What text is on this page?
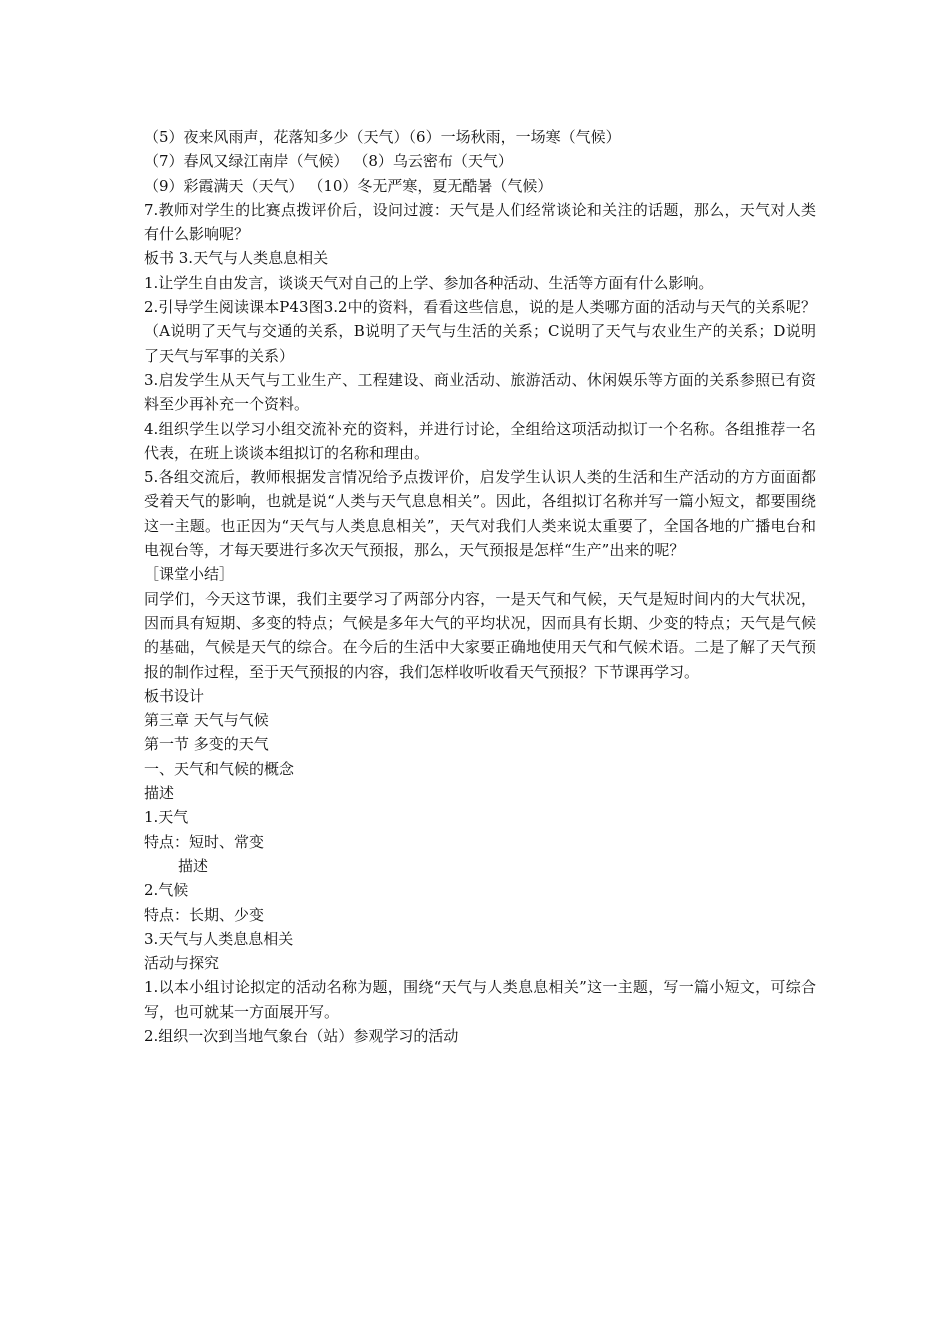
（5）夜来风雨声，花落知多少（天气）（6）一场秋雨，一场寒（气候）
（7）春风又绿江南岸（气候） （8）乌云密布（天气）
（9）彩霞满天（天气） （10）冬无严寒，夏无酷暑（气候）
7.教师对学生的比赛点拨评价后，设问过渡：天气是人们经常谈论和关注的话题，那么，天气对人类有什么影响呢？
板书 3.天气与人类息息相关
1.让学生自由发言，谈谈天气对自己的上学、参加各种活动、生活等方面有什么影响。
2.引导学生阅读课本P43图3.2中的资料，看看这些信息，说的是人类哪方面的活动与天气的关系呢？（A说明了天气与交通的关系，B说明了天气与生活的关系；C说明了天气与农业生产的关系；D说明了天气与军事的关系）
3.启发学生从天气与工业生产、工程建设、商业活动、旅游活动、休闲娱乐等方面的关系参照已有资料至少再补充一个资料。
4.组织学生以学习小组交流补充的资料，并进行讨论，全组给这项活动拟订一个名称。各组推荐一名代表，在班上谈谈本组拟订的名称和理由。
5.各组交流后，教师根据发言情况给予点拨评价，启发学生认识人类的生活和生产活动的方方面面都受着天气的影响，也就是说“人类与天气息息相关”。因此，各组拟订名称并写一篇小短文，都要围绕这一主题。也正因为“天气与人类息息相关”，天气对我们人类来说太重要了，全国各地的广播电台和电视台等，才每天要进行多次天气预报，那么，天气预报是怎样“生产”出来的呢？
［课堂小结］
同学们，今天这节课，我们主要学习了两部分内容，一是天气和气候，天气是短时间内的大气状况，因而具有短期、多变的特点；气候是多年大气的平均状况，因而具有长期、少变的特点；天气是气候的基础，气候是天气的综合。在今后的生活中大家要正确地使用天气和气候术语。二是了解了天气预报的制作过程，至于天气预报的内容，我们怎样收听收看天气预报？下节课再学习。
板书设计
第三章 天气与气候
第一节 多变的天气
一、天气和气候的概念
描述
1.天气
特点：短时、常变
描述
2.气候
特点：长期、少变
3.天气与人类息息相关
活动与探究
1.以本小组讨论拟定的活动名称为题，围绕“天气与人类息息相关”这一主题，写一篇小短文，可综合写，也可就某一方面展开写。
2.组织一次到当地气象台（站）参观学习的活动
